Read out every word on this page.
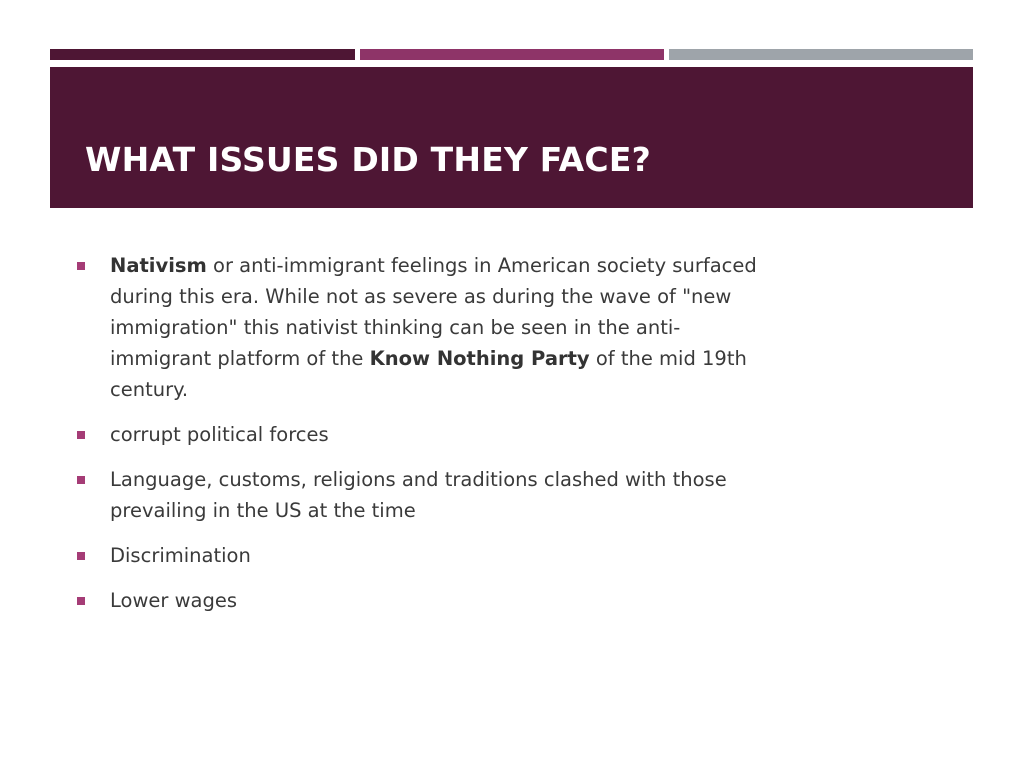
WHAT ISSUES DID THEY FACE?
Nativism or anti-immigrant feelings in American society surfaced during this era. While not as severe as during the wave of "new immigration" this nativist thinking can be seen in the anti-immigrant platform of the Know Nothing Party of the mid 19th century.
corrupt political forces
Language, customs, religions and traditions clashed with those prevailing in the US at the time
Discrimination
Lower wages
